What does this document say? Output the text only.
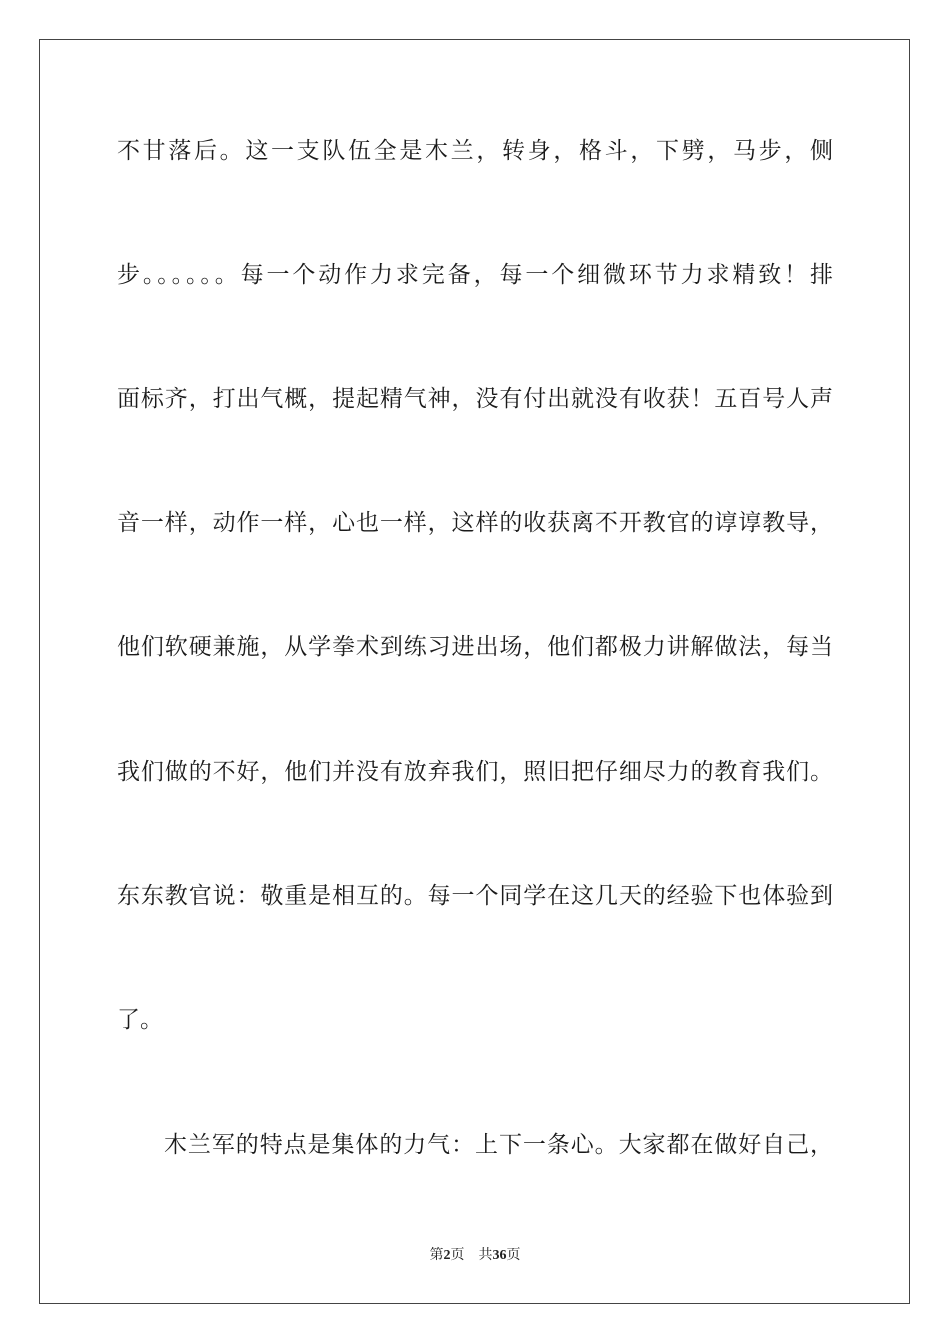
不甘落后。这一支队伍全是木兰，转身，格斗，下劈，马步，侧
步。。。。。。每一个动作力求完备，每一个细微环节力求精致！排
面标齐，打出气概，提起精气神，没有付出就没有收获！五百号人声
音一样，动作一样，心也一样，这样的收获离不开教官的谆谆教导，
他们软硬兼施，从学拳术到练习进出场，他们都极力讲解做法，每当
我们做的不好，他们并没有放弃我们，照旧把仔细尽力的教育我们。
东东教官说：敬重是相互的。每一个同学在这几天的经验下也体验到
了。
木兰军的特点是集体的力气：上下一条心。大家都在做好自己，
第2页 共36页
